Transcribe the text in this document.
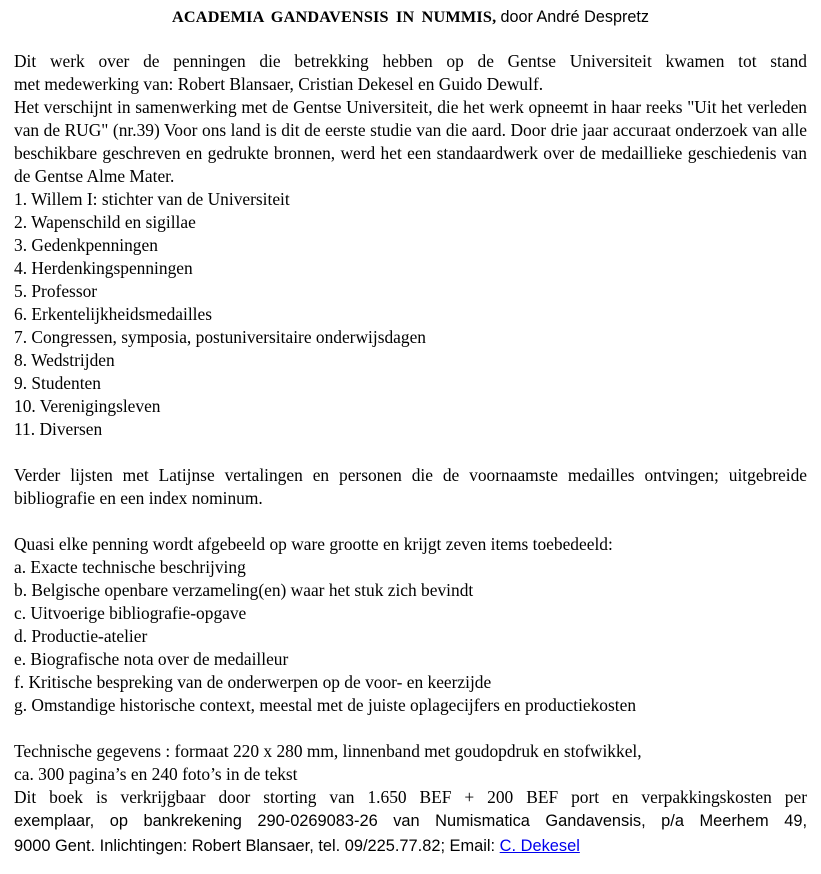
ACADEMIA GANDAVENSIS IN NUMMIS, door André Despretz

Dit werk over de penningen die betrekking hebben op de Gentse Universiteit kwamen tot stand

met medewerking van: Robert Blansaer, Cristian Dekesel en Guido Dewulf.

Het verschijnt in samenwerking met de Gentse Universiteit, die het werk opneemt in haar reeks "Uit het verleden van de RUG" (nr.39) Voor ons land is dit de eerste studie van die aard. Door drie jaar accuraat onderzoek van alle beschikbare geschreven en gedrukte bronnen, werd het een standaardwerk over de medaillieke geschiedenis van de Gentse Alme Mater.

1. Willem I: stichter van de Universiteit
2. Wapenschild en sigillae
3. Gedenkpenningen
4. Herdenkingspenningen
5. Professor
6. Erkentelijkheidsmedailles
7. Congressen, symposia, postuniversitaire onderwijsdagen
8. Wedstrijden
9. Studenten
10. Verenigingsleven
11. Diversen

Verder lijsten met Latijnse vertalingen en personen die de voornaamste medailles ontvingen; uitgebreide bibliografie en een index nominum.

Quasi elke penning wordt afgebeeld op ware grootte en krijgt zeven items toebedeeld:

a. Exacte technische beschrijving
b. Belgische openbare verzameling(en) waar het stuk zich bevindt
c. Uitvoerige bibliografie-opgave
d. Productie-atelier
e. Biografische nota over de medailleur
f. Kritische bespreking van de onderwerpen op de voor- en keerzijde
g. Omstandige historische context, meestal met de juiste oplagecijfers en productiekosten

Technische gegevens : formaat 220 x 280 mm, linnenband met goudopdruk en stofwikkel,

ca. 300 pagina’s en 240 foto’s in de tekst

Dit boek is verkrijgbaar door storting van 1.650 BEF + 200 BEF port en verpakkingskosten per

exemplaar, op bankrekening 290-0269083-26 van Numismatica Gandavensis, p/a Meerhem 49,

9000 Gent. Inlichtingen: Robert Blansaer, tel. 09/225.77.82; Email: C. Dekesel
